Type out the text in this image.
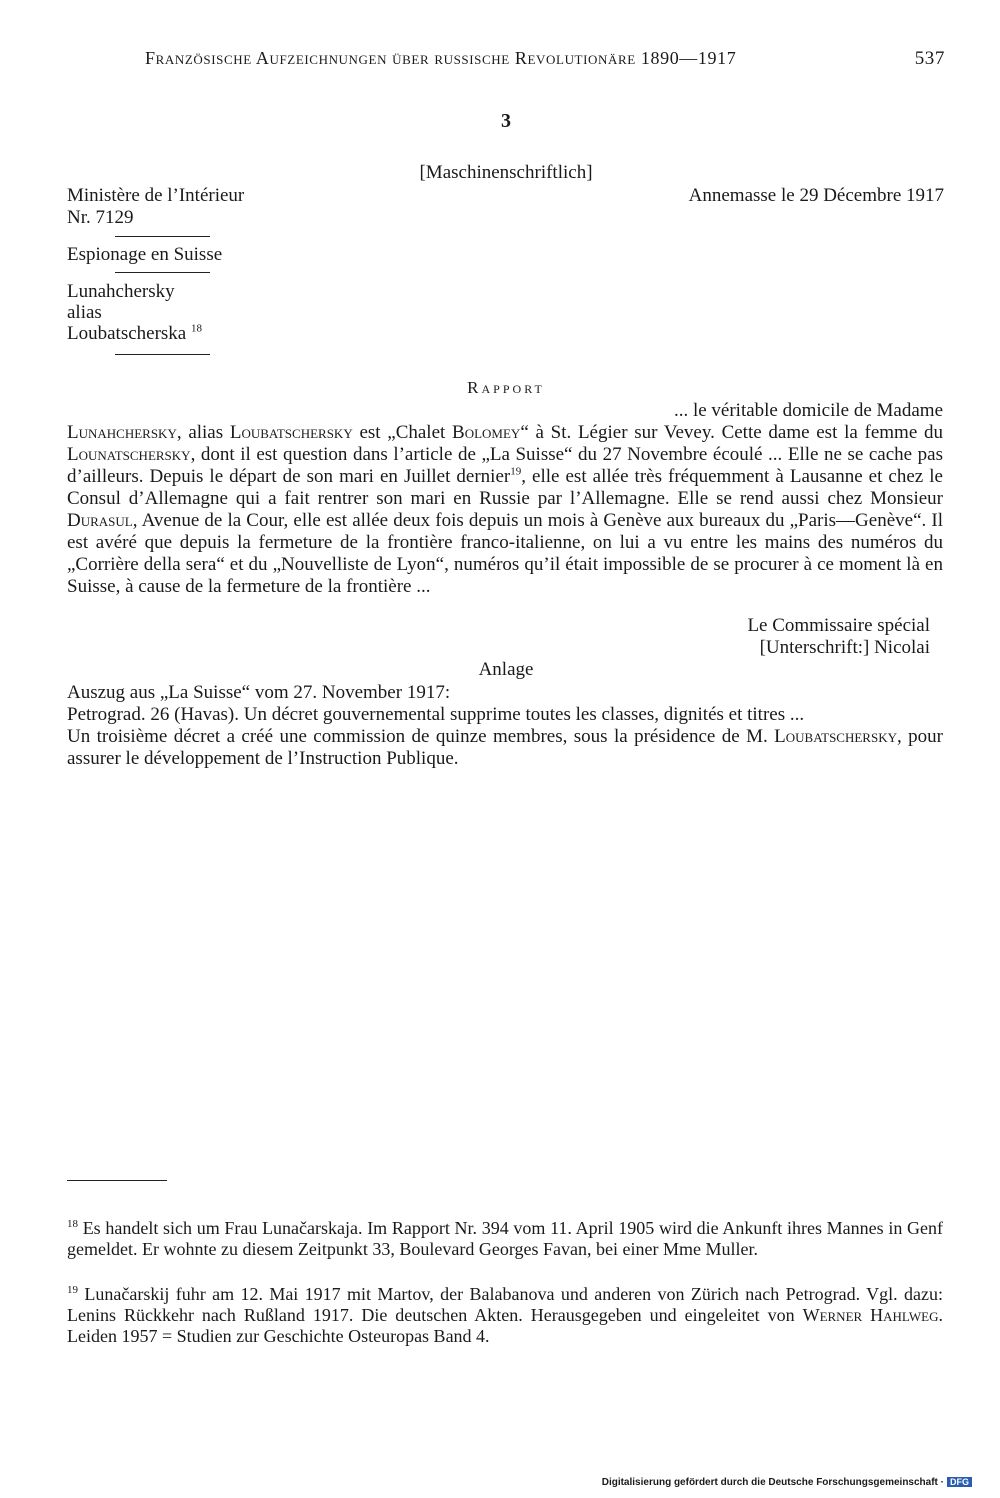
Französische Aufzeichnungen über russische Revolutionäre 1890—1917	537
3
[Maschinenschriftlich]
Ministère de l’Intérieur
Nr. 7129
Espionage en Suisse
Lunahchersky
alias
Loubatscherska $^{18}$
Annemasse le 29 Décembre 1917
Rapport
... le véritable domicile de Madame
Lunahchersky, alias Loubatschersky est „Chalet Bolomey“ à St. Légier sur Vevey. Cette dame est la femme du Lounatschersky, dont il est question dans l’article de „La Suisse“ du 27 Novembre écoulé ... Elle ne se cache pas d’ailleurs. Depuis le départ de son mari en Juillet dernier$^{19}$, elle est allée très fréquemment à Lausanne et chez le Consul d’Allemagne qui a fait rentrer son mari en Russie par l’Allemagne. Elle se rend aussi chez Monsieur Durasul, Avenue de la Cour, elle est allée deux fois depuis un mois à Genève aux bureaux du „Paris—Genève“. Il est avéré que depuis la fermeture de la frontière franco-italienne, on lui a vu entre les mains des numéros du „Corrière della sera“ et du „Nouvelliste de Lyon“, numéros qu’il était impossible de se procurer à ce moment là en Suisse, à cause de la fermeture de la frontière ...
Le Commissaire spécial
[Unterschrift:] Nicolai
Anlage
Auszug aus „La Suisse“ vom 27. November 1917:
Petrograd. 26 (Havas). Un décret gouvernemental supprime toutes les classes, dignités et titres ...
Un troisième décret a créé une commission de quinze membres, sous la présidence de M. Loubatschersky, pour assurer le développement de l’Instruction Publique.
$^{18}$ Es handelt sich um Frau Lunačarskaja. Im Rapport Nr. 394 vom 11. April 1905 wird die Ankunft ihres Mannes in Genf gemeldet. Er wohnte zu diesem Zeitpunkt 33, Boulevard Georges Favan, bei einer Mme Muller.
$^{19}$ Lunačarskij fuhr am 12. Mai 1917 mit Martov, der Balabanova und anderen von Zürich nach Petrograd. Vgl. dazu: Lenins Rückkehr nach Rußland 1917. Die deutschen Akten. Herausgegeben und eingeleitet von Werner Hahlweg. Leiden 1957 = Studien zur Geschichte Osteuropas Band 4.
Digitalisierung gefördert durch die Deutsche Forschungsgemeinschaft · DFG
